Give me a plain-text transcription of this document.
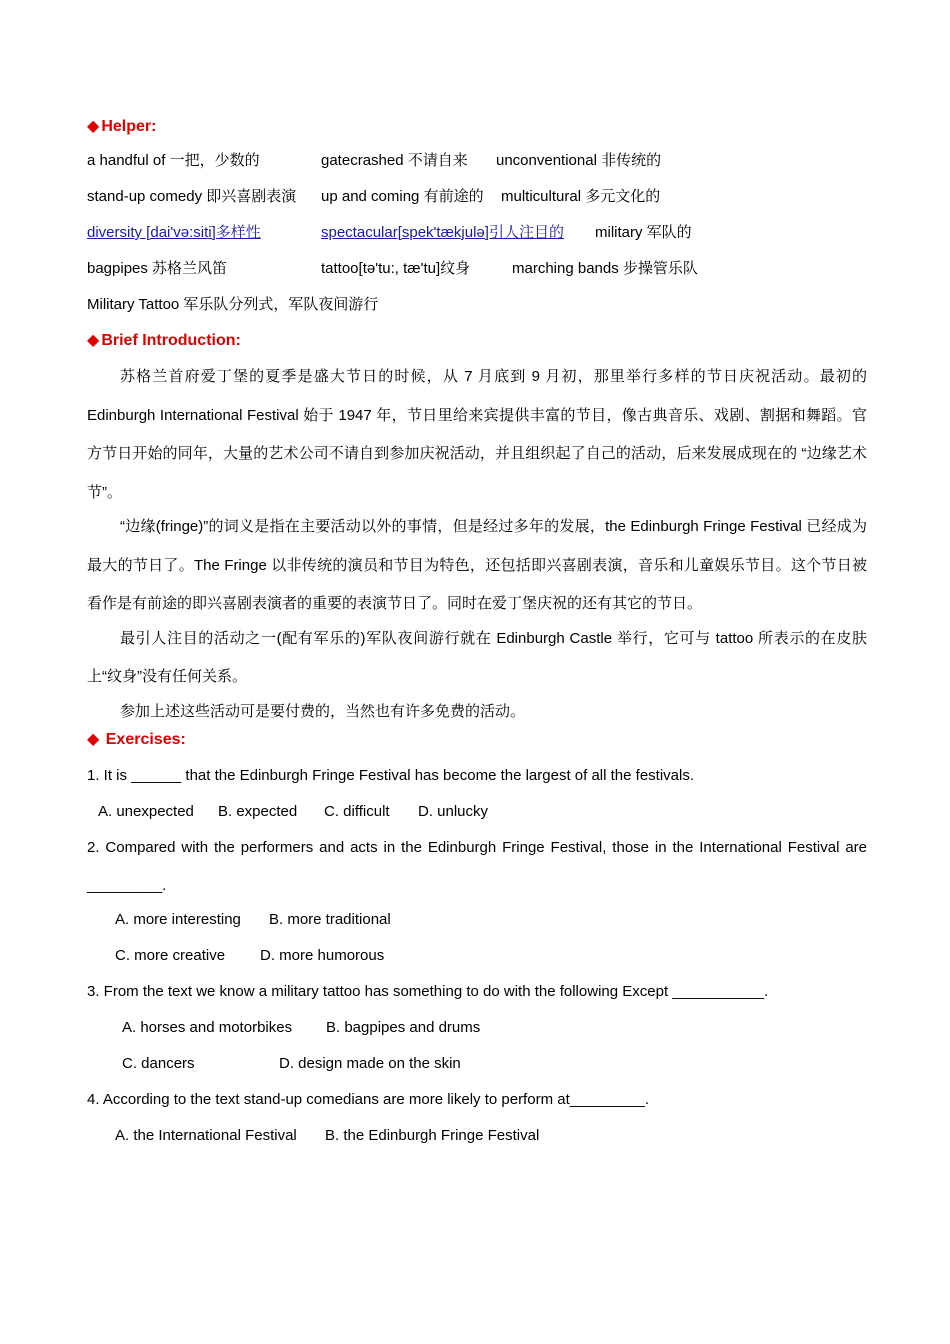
◆ Helper:
a handful of 一把，少数的	gatecrashed 不请自来 unconventional 非传统的
stand-up comedy 即兴喜剧表演 up and coming 有前途的 multicultural 多元文化的
diversity [dai'və:siti]多样性	spectacular[spek'tækjulə]引人注目的 military 军队的
bagpipes 苏格兰风笛	tattoo[tə'tu:, tæ'tu]纹身	marching bands 步操管乐队
Military Tattoo 军乐队分列式，军队夜间游行
◆ Brief Introduction:

苏格兰首府爱丁堡的夏季是盛大节日的时候，从 7 月底到 9 月初，那里举行多样的节日庆祝活动。最初的 Edinburgh International Festival 始于 1947 年，节日里给来宾提供丰富的节目，像古典音乐、戏剧、割据和舞蹈。官方节日开始的同年，大量的艺术公司不请自到参加庆祝活动，并且组织起了自己的活动，后来发展成现在的 “边缘艺术节”。

“边缘(fringe)”的词义是指在主要活动以外的事情，但是经过多年的发展，the Edinburgh Fringe Festival 已经成为最大的节日了。The Fringe 以非传统的演员和节目为特色，还包括即兴喜剧表演，音乐和儿童娱乐节目。这个节日被看作是有前途的即兴喜剧表演者的重要的表演节日了。同时在爱丁堡庆祝的还有其它的节日。

最引人注目的活动之一(配有军乐的)军队夜间游行就在 Edinburgh Castle 举行，它可与 tattoo 所表示的在皮肤上“纹身”没有任何关系。

参加上述这些活动可是要付费的，当然也有许多免费的活动。

◆ Exercises:
1. It is ______ that the Edinburgh Fringe Festival has become the largest of all the festivals.
A. unexpected B. expected C. difficult D. unlucky

2. Compared with the performers and acts in the Edinburgh Fringe Festival, those in the International Festival are _________.

A. more interesting B. more traditional
C. more creative D. more humorous
3. From the text we know a military tattoo has something to do with the following Except ___________.
A. horses and motorbikes B. bagpipes and drums
C. dancers	D. design made on the skin
4. According to the text stand-up comedians are more likely to perform at_________.
A. the International Festival B. the Edinburgh Fringe Festival
